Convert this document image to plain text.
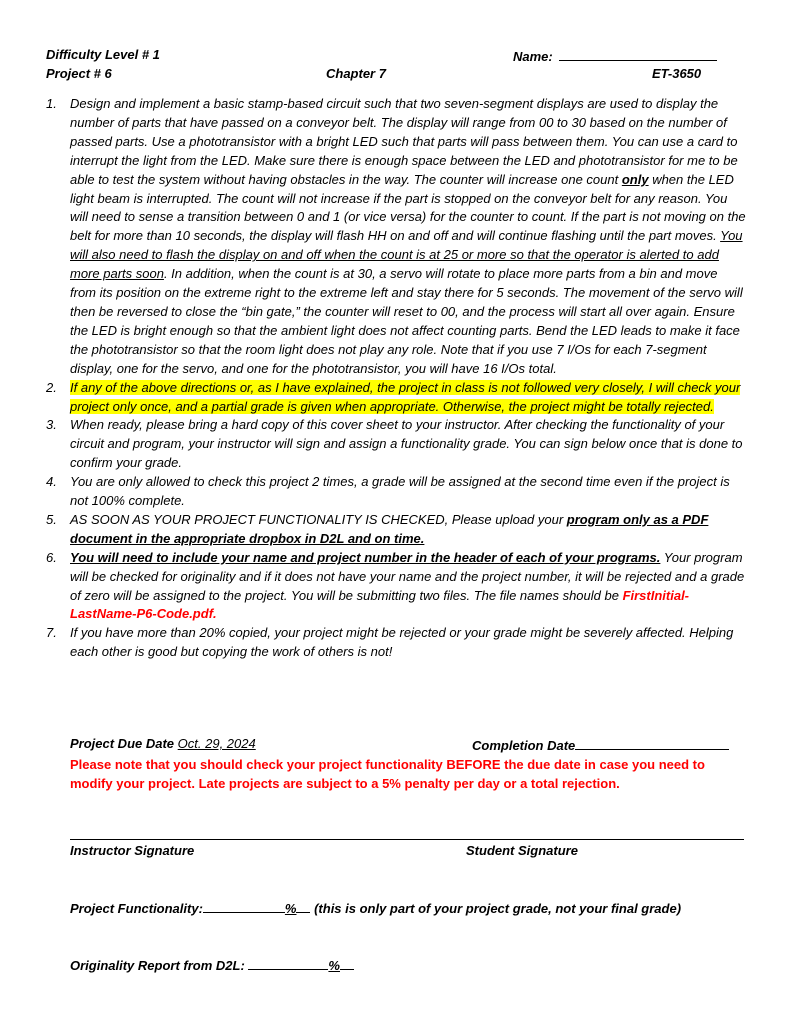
Difficulty Level # 1	Name:
Project # 6	Chapter 7	ET-3650
1. Design and implement a basic stamp-based circuit such that two seven-segment displays are used to display the number of parts that have passed on a conveyor belt. The display will range from 00 to 30 based on the number of passed parts. Use a phototransistor with a bright LED such that parts will pass between them. You can use a card to interrupt the light from the LED. Make sure there is enough space between the LED and phototransistor for me to be able to test the system without having obstacles in the way. The counter will increase one count only when the LED light beam is interrupted. The count will not increase if the part is stopped on the conveyor belt for any reason. You will need to sense a transition between 0 and 1 (or vice versa) for the counter to count. If the part is not moving on the belt for more than 10 seconds, the display will flash HH on and off and will continue flashing until the part moves. You will also need to flash the display on and off when the count is at 25 or more so that the operator is alerted to add more parts soon. In addition, when the count is at 30, a servo will rotate to place more parts from a bin and move from its position on the extreme right to the extreme left and stay there for 5 seconds. The movement of the servo will then be reversed to close the “bin gate,” the counter will reset to 00, and the process will start all over again. Ensure the LED is bright enough so that the ambient light does not affect counting parts. Bend the LED leads to make it face the phototransistor so that the room light does not play any role. Note that if you use 7 I/Os for each 7-segment display, one for the servo, and one for the phototransistor, you will have 16 I/Os total.
2. If any of the above directions or, as I have explained, the project in class is not followed very closely, I will check your project only once, and a partial grade is given when appropriate. Otherwise, the project might be totally rejected.
3. When ready, please bring a hard copy of this cover sheet to your instructor. After checking the functionality of your circuit and program, your instructor will sign and assign a functionality grade. You can sign below once that is done to confirm your grade.
4. You are only allowed to check this project 2 times, a grade will be assigned at the second time even if the project is not 100% complete.
5. AS SOON AS YOUR PROJECT FUNCTIONALITY IS CHECKED, Please upload your program only as a PDF document in the appropriate dropbox in D2L and on time.
6. You will need to include your name and project number in the header of each of your programs. Your program will be checked for originality and if it does not have your name and the project number, it will be rejected and a grade of zero will be assigned to the project. You will be submitting two files. The file names should be FirstInitial-LastName-P6-Code.pdf.
7. If you have more than 20% copied, your project might be rejected or your grade might be severely affected. Helping each other is good but copying the work of others is not!
Project Due Date Oct. 29, 2024	Completion Date
Please note that you should check your project functionality BEFORE the due date in case you need to modify your project. Late projects are subject to a 5% penalty per day or a total rejection.
Instructor Signature	Student Signature
Project Functionality:	% (this is only part of your project grade, not your final grade)
Originality Report from D2L:	%
